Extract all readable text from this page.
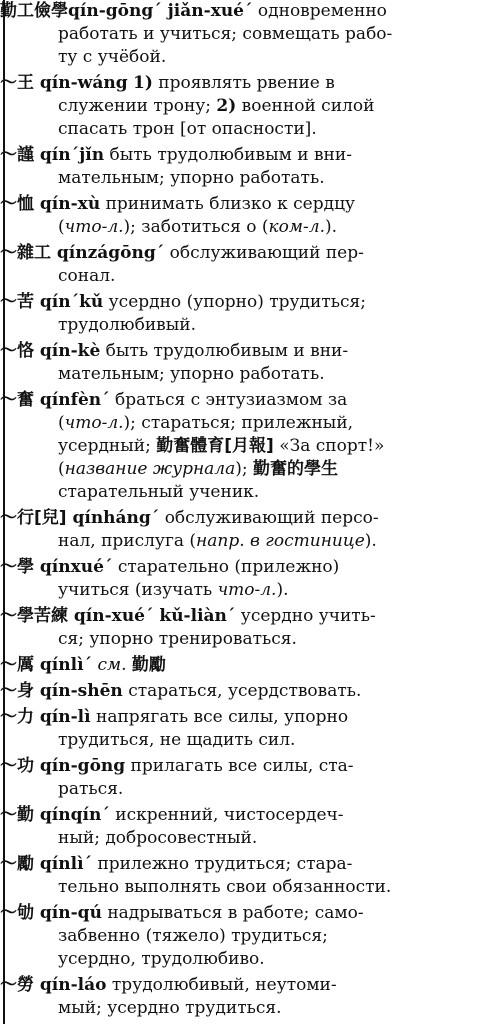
勤工儉學qín-gōng´ jiǎn-xué´ одновременно
работать и учиться; совмещать рабо-
ту с учёбой.
～王 qín-wáng 1) проявлять рвение в
служении трону; 2) военной силой
спасать трон [от опасности].
～謹 qín´jǐn быть трудолюбивым и вни-
мательным; упорно работать.
～恤 qín-xù принимать близко к сердцу
(что-л.); заботиться о (ком-л.).
～雜工 qínzágōng´ обслуживающий пер-
сонал.
～苦 qín´kǔ усердно (упорно) трудиться;
трудолюбивый.
～恪 qín-kè быть трудолюбивым и вни-
мательным; упорно работать.
～奮 qínfèn´ браться с энтузиазмом за
(что-л.); стараться; прилежный,
усердный; 勤奮體育[月報] «За спорт!»
(название журнала); 勤奮的學生
старательный ученик.
～行[兒] qínháng´ обслуживающий персо-
нал, прислуга (напр. в гостинице).
～學 qínxué´ старательно (прилежно)
учиться (изучать что-л.).
～學苦練 qín-xué´ kǔ-liàn´ усердно учить-
ся; упорно тренироваться.
～厲 qínlì´ см. 勤勵
～身 qín-shēn стараться, усердствовать.
～力 qín-lì напрягать все силы, упорно
трудиться, не щадить сил.
～功 qín-gōng прилагать все силы, ста-
раться.
～勤 qínqín´ искренний, чистосердеч-
ный; добросовестный.
～勵 qínlì´ прилежно трудиться; стара-
тельно выполнять свои обязанности.
～劬 qín-qú надрываться в работе; само-
забвенно (тяжело) трудиться;
усердно, трудолюбиво.
～勞 qín-láo трудолюбивый, неутоми-
мый; усердно трудиться.
